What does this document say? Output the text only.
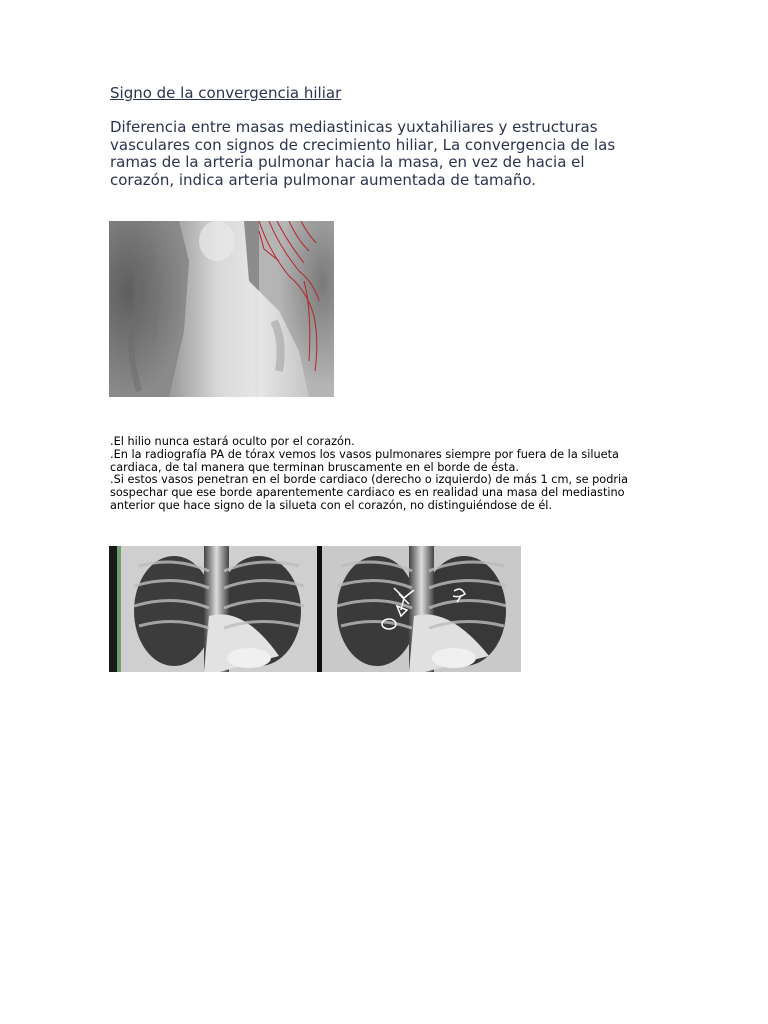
Signo de la convergencia hiliar

Diferencia entre masas mediastinicas yuxtahiliares y estructuras
vasculares con signos de crecimiento hiliar, La convergencia de las
ramas de la arteria pulmonar hacia la masa, en vez de hacia el
corazón, indica arteria pulmonar aumentada de tamaño.

.El hilio nunca estará oculto por el corazón.
.En la radiografía PA de tórax vemos los vasos pulmonares siempre por fuera de la silueta
cardiaca, de tal manera que terminan bruscamente en el borde de ésta.
.Si estos vasos penetran en el borde cardiaco (derecho o izquierdo) de más 1 cm, se podria
sospechar que ese borde aparentemente cardiaco es en realidad una masa del mediastino
anterior que hace signo de la silueta con el corazón, no distinguiéndose de él.
